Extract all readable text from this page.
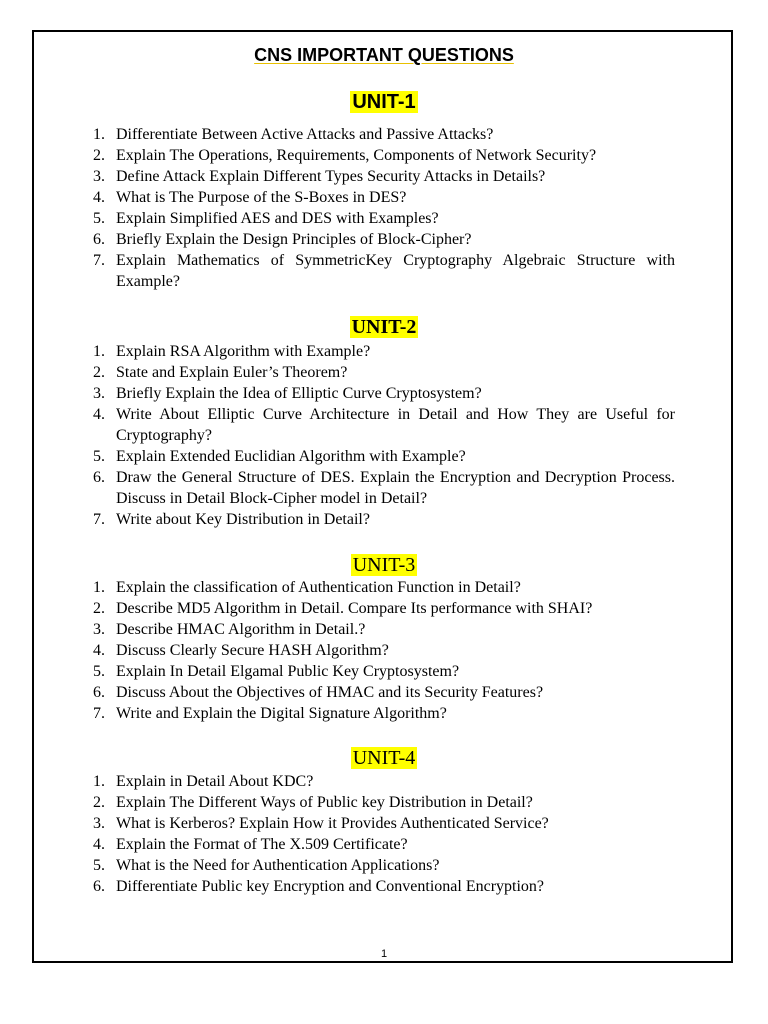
CNS IMPORTANT QUESTIONS
UNIT-1
1. Differentiate Between Active Attacks and Passive Attacks?
2. Explain The Operations, Requirements, Components of Network Security?
3. Define Attack Explain Different Types Security Attacks in Details?
4. What is The Purpose of the S-Boxes in DES?
5. Explain Simplified AES and DES with Examples?
6. Briefly Explain the Design Principles of Block-Cipher?
7. Explain Mathematics of SymmetricKey Cryptography Algebraic Structure with Example?
UNIT-2
1. Explain RSA Algorithm with Example?
2. State and Explain Euler’s Theorem?
3. Briefly Explain the Idea of Elliptic Curve Cryptosystem?
4. Write About Elliptic Curve Architecture in Detail and How They are Useful for Cryptography?
5. Explain Extended Euclidian Algorithm with Example?
6. Draw the General Structure of DES. Explain the Encryption and Decryption Process. Discuss in Detail Block-Cipher model in Detail?
7. Write about Key Distribution in Detail?
UNIT-3
1. Explain the classification of Authentication Function in Detail?
2. Describe MD5 Algorithm in Detail. Compare Its performance with SHAI?
3. Describe HMAC Algorithm in Detail.?
4. Discuss Clearly Secure HASH Algorithm?
5. Explain In Detail Elgamal Public Key Cryptosystem?
6. Discuss About the Objectives of HMAC and its Security Features?
7. Write and Explain the Digital Signature Algorithm?
UNIT-4
1. Explain in Detail About KDC?
2. Explain The Different Ways of Public key Distribution in Detail?
3. What is Kerberos? Explain How it Provides Authenticated Service?
4. Explain the Format of The X.509 Certificate?
5. What is the Need for Authentication Applications?
6. Differentiate Public key Encryption and Conventional Encryption?
1
